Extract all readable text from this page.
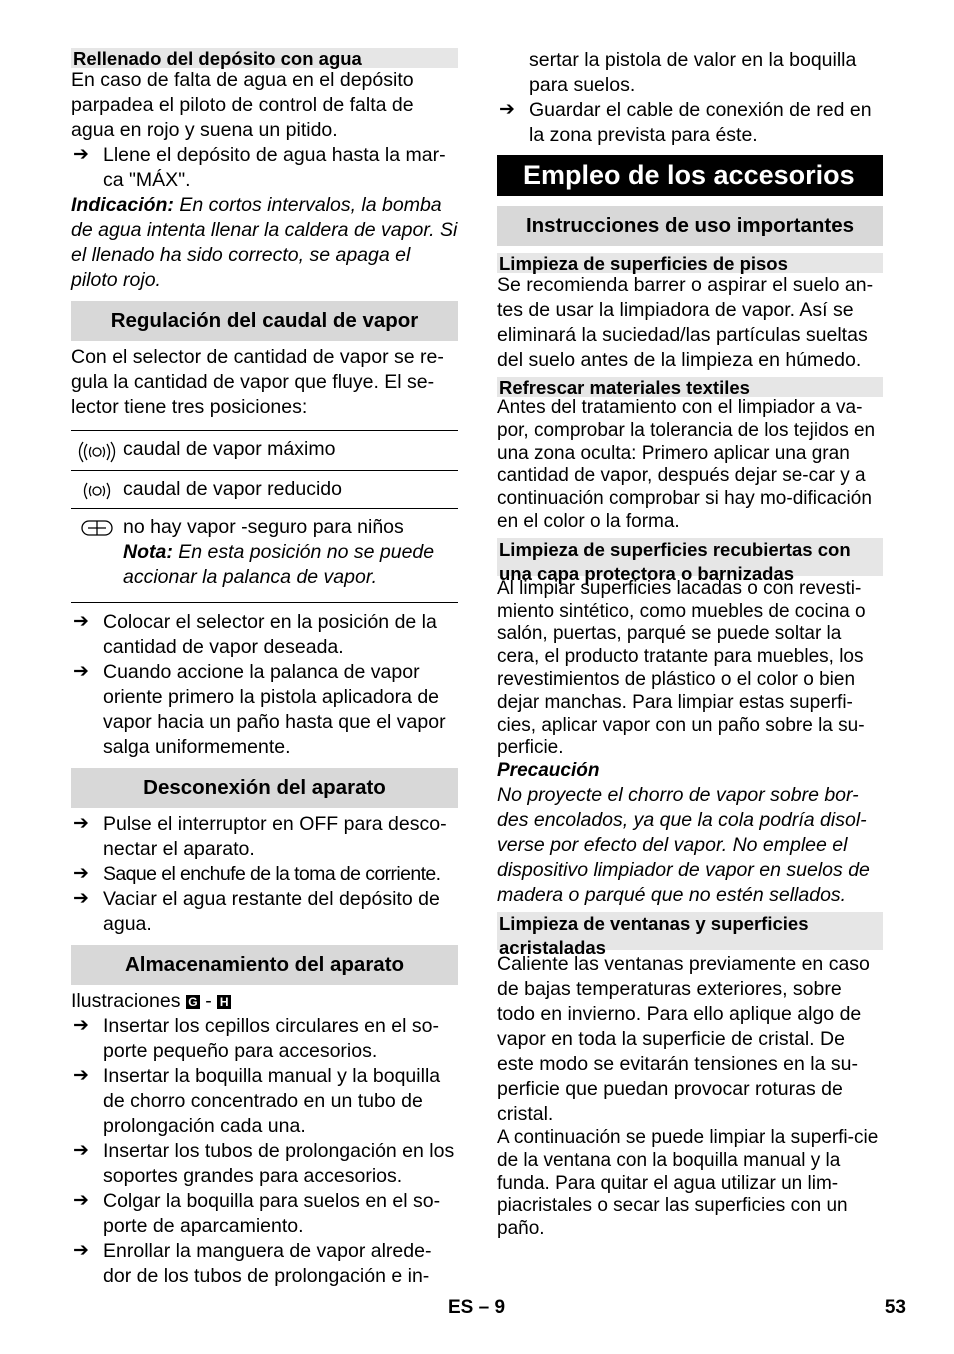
Rellenado del depósito con agua

En caso de falta de agua en el depósito parpadea el piloto de control de falta de agua en rojo y suena un pitido.

➔ Llene el depósito de agua hasta la mar-ca "MÁX".

Indicación: En cortos intervalos, la bomba de agua intenta llenar la caldera de vapor. Si el llenado ha sido correcto, se apaga el piloto rojo.

Regulación del caudal de vapor

Con el selector de cantidad de vapor se re-gula la cantidad de vapor que fluye. El se-lector tiene tres posiciones:

caudal de vapor máximo

caudal de vapor reducido

no hay vapor -seguro para niños

Nota: En esta posición no se puede accionar la palanca de vapor.

➔ Colocar el selector en la posición de la cantidad de vapor deseada.

➔ Cuando accione la palanca de vapor oriente primero la pistola aplicadora de vapor hacia un paño hasta que el vapor salga uniformemente.

Desconexión del aparato
➔ Pulse el interruptor en OFF para desco-nectar el aparato.

➔ Saque el enchufe de la toma de corriente.

➔ Vaciar el agua restante del depósito de agua.

Almacenamiento del aparato

Ilustraciones G - H

➔ Insertar los cepillos circulares en el so-porte pequeño para accesorios.

➔ Insertar la boquilla manual y la boquilla de chorro concentrado en un tubo de prolongación cada una.

➔ Insertar los tubos de prolongación en los soportes grandes para accesorios.

➔ Colgar la boquilla para suelos en el so-porte de aparcamiento.

➔ Enrollar la manguera de vapor alrede-dor de los tubos de prolongación e in-

sertar la pistola de valor en la boquilla para suelos.

➔ Guardar el cable de conexión de red en la zona prevista para éste.

Empleo de los accesorios
Instrucciones de uso importantes
Limpieza de superficies de pisos

Se recomienda barrer o aspirar el suelo an-tes de usar la limpiadora de vapor. Así se eliminará la suciedad/las partículas sueltas del suelo antes de la limpieza en húmedo.

Refrescar materiales textiles

Antes del tratamiento con el limpiador a va-por, comprobar la tolerancia de los tejidos en una zona oculta: Primero aplicar una gran cantidad de vapor, después dejar se-car y a continuación comprobar si hay mo-dificación en el color o la forma.

Limpieza de superficies recubiertas con una capa protectora o barnizadas

Al limpiar superficies lacadas o con revesti-miento sintético, como muebles de cocina o salón, puertas, parqué se puede soltar la cera, el producto tratante para muebles, los revestimientos de plástico o el color o bien dejar manchas. Para limpiar estas superfi-cies, aplicar vapor con un paño sobre la su-perficie.

Precaución

No proyecte el chorro de vapor sobre bor-des encolados, ya que la cola podría disol-verse por efecto del vapor. No emplee el dispositivo limpiador de vapor en suelos de madera o parqué que no estén sellados.

Limpieza de ventanas y superficies acristaladas

Caliente las ventanas previamente en caso de bajas temperaturas exteriores, sobre todo en invierno. Para ello aplique algo de vapor en toda la superficie de cristal. De este modo se evitarán tensiones en la su-perficie que puedan provocar roturas de cristal.

A continuación se puede limpiar la superfi-cie de la ventana con la boquilla manual y la funda. Para quitar el agua utilizar un lim-piacristales o secar las superficies con un paño.

ES – 9	53
